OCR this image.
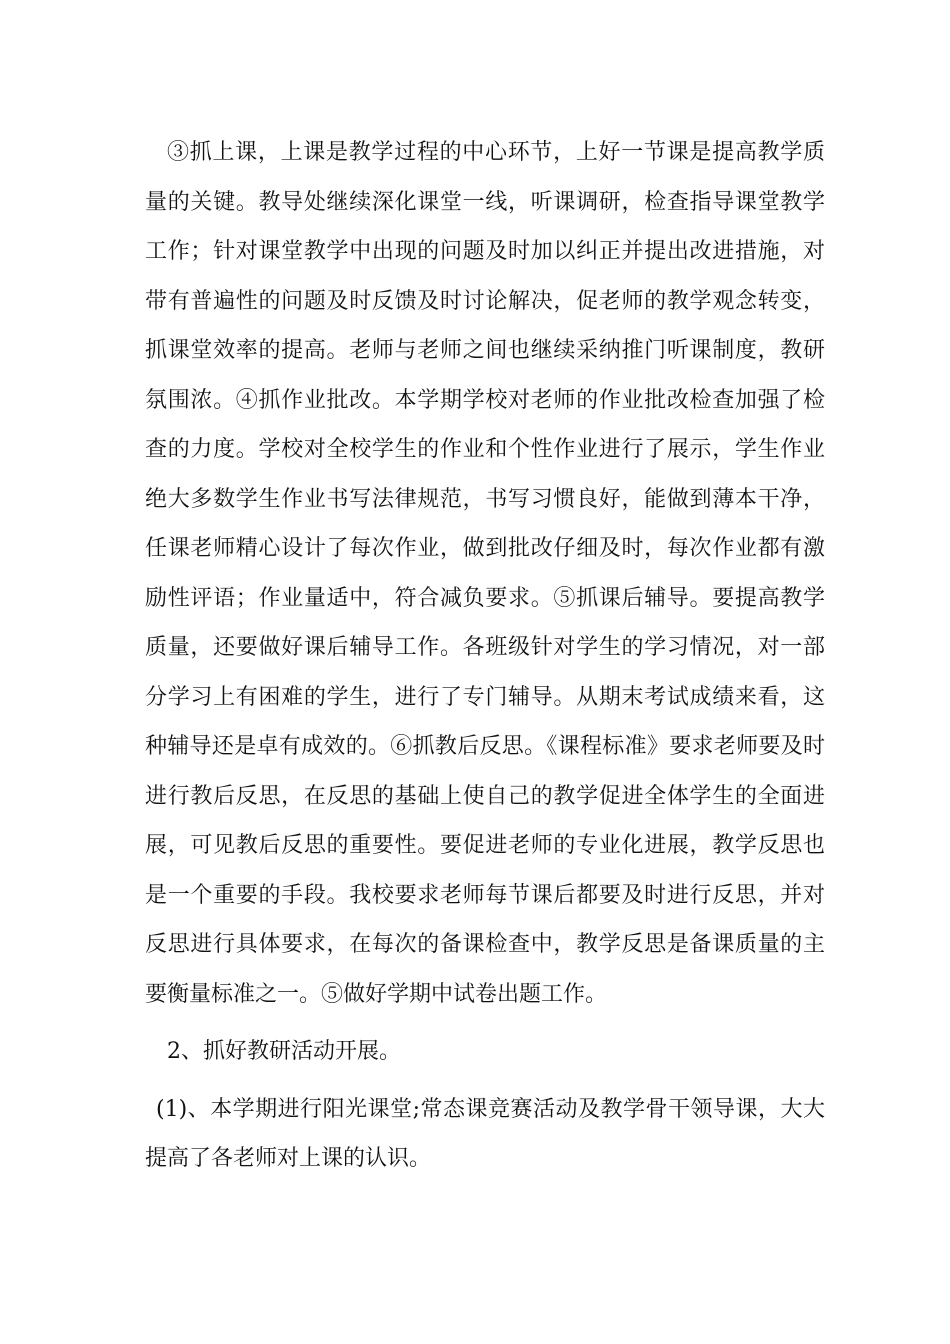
③抓上课，上课是教学过程的中心环节，上好一节课是提高教学质量的关键。教导处继续深化课堂一线，听课调研，检查指导课堂教学工作；针对课堂教学中出现的问题及时加以纠正并提出改进措施，对带有普遍性的问题及时反馈及时讨论解决，促老师的教学观念转变，抓课堂效率的提高。老师与老师之间也继续采纳推门听课制度，教研氛围浓。④抓作业批改。本学期学校对老师的作业批改检查加强了检查的力度。学校对全校学生的作业和个性作业进行了展示，学生作业绝大多数学生作业书写法律规范，书写习惯良好，能做到薄本干净，任课老师精心设计了每次作业，做到批改仔细及时，每次作业都有激励性评语；作业量适中，符合减负要求。⑤抓课后辅导。要提高教学质量，还要做好课后辅导工作。各班级针对学生的学习情况，对一部分学习上有困难的学生，进行了专门辅导。从期末考试成绩来看，这种辅导还是卓有成效的。⑥抓教后反思。《课程标准》要求老师要及时进行教后反思，在反思的基础上使自己的教学促进全体学生的全面进展，可见教后反思的重要性。要促进老师的专业化进展，教学反思也是一个重要的手段。我校要求老师每节课后都要及时进行反思，并对反思进行具体要求，在每次的备课检查中，教学反思是备课质量的主要衡量标准之一。⑤做好学期中试卷出题工作。

2、抓好教研活动开展。

(1)、本学期进行阳光课堂;常态课竞赛活动及教学骨干领导课，大大提高了各老师对上课的认识。
